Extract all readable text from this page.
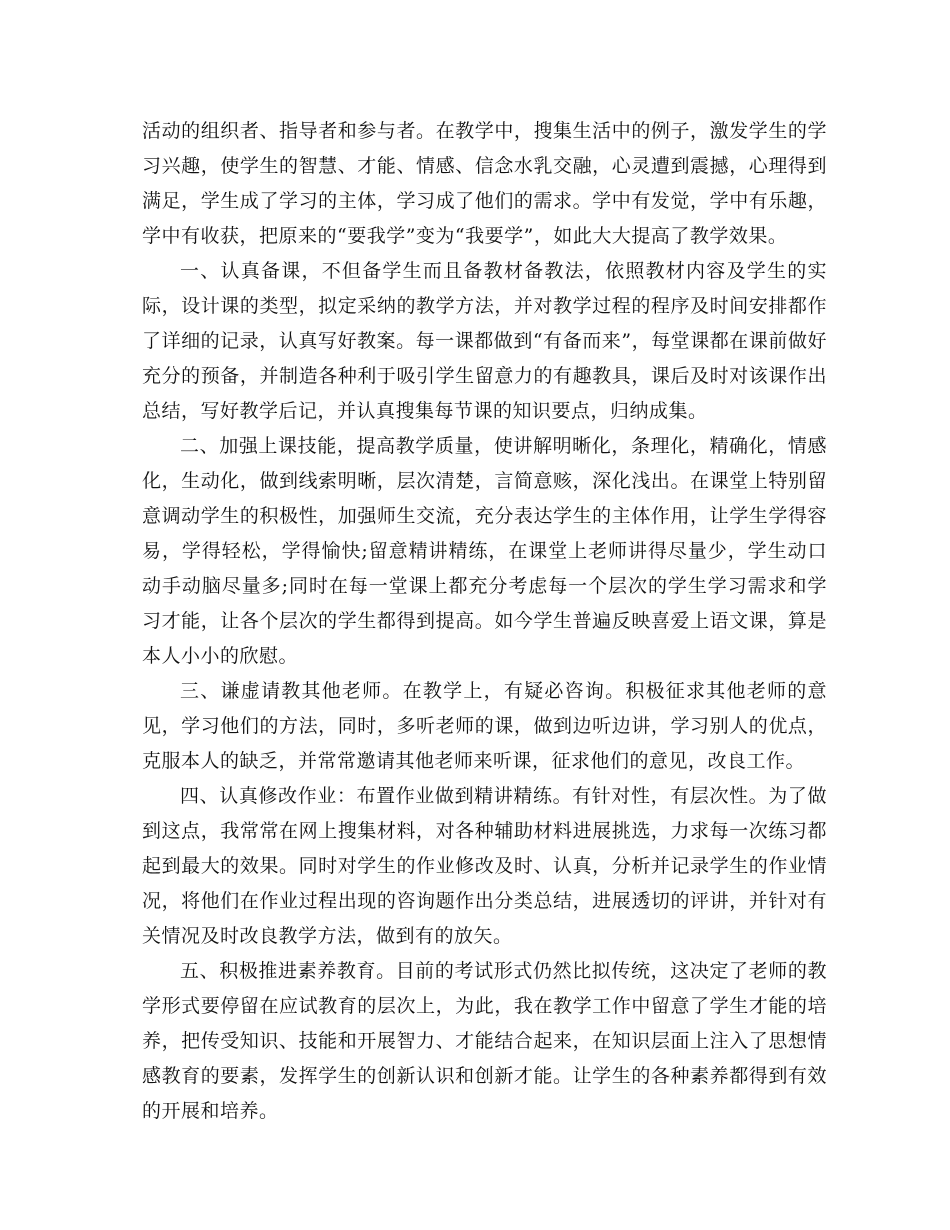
活动的组织者、指导者和参与者。在教学中，搜集生活中的例子，激发学生的学习兴趣，使学生的智慧、才能、情感、信念水乳交融，心灵遭到震撼，心理得到满足，学生成了学习的主体，学习成了他们的需求。学中有发觉，学中有乐趣，学中有收获，把原来的“要我学”变为“我要学”，如此大大提高了教学效果。

一、认真备课，不但备学生而且备教材备教法，依照教材内容及学生的实际，设计课的类型，拟定采纳的教学方法，并对教学过程的程序及时间安排都作了详细的记录，认真写好教案。每一课都做到“有备而来”，每堂课都在课前做好充分的预备，并制造各种利于吸引学生留意力的有趣教具，课后及时对该课作出总结，写好教学后记，并认真搜集每节课的知识要点，归纳成集。

二、加强上课技能，提高教学质量，使讲解明晰化，条理化，精确化，情感化，生动化，做到线索明晰，层次清楚，言简意赅，深化浅出。在课堂上特别留意调动学生的积极性，加强师生交流，充分表达学生的主体作用，让学生学得容易，学得轻松，学得愉快;留意精讲精练，在课堂上老师讲得尽量少，学生动口动手动脑尽量多;同时在每一堂课上都充分考虑每一个层次的学生学习需求和学习才能，让各个层次的学生都得到提高。如今学生普遍反映喜爱上语文课，算是本人小小的欣慰。

三、谦虚请教其他老师。在教学上，有疑必咨询。积极征求其他老师的意见，学习他们的方法，同时，多听老师的课，做到边听边讲，学习别人的优点，克服本人的缺乏，并常常邀请其他老师来听课，征求他们的意见，改良工作。

四、认真修改作业：布置作业做到精讲精练。有针对性，有层次性。为了做到这点，我常常在网上搜集材料，对各种辅助材料进展挑选，力求每一次练习都起到最大的效果。同时对学生的作业修改及时、认真，分析并记录学生的作业情况，将他们在作业过程出现的咨询题作出分类总结，进展透切的评讲，并针对有关情况及时改良教学方法，做到有的放矢。

五、积极推进素养教育。目前的考试形式仍然比拟传统，这决定了老师的教学形式要停留在应试教育的层次上，为此，我在教学工作中留意了学生才能的培养，把传受知识、技能和开展智力、才能结合起来，在知识层面上注入了思想情感教育的要素，发挥学生的创新认识和创新才能。让学生的各种素养都得到有效的开展和培养。
